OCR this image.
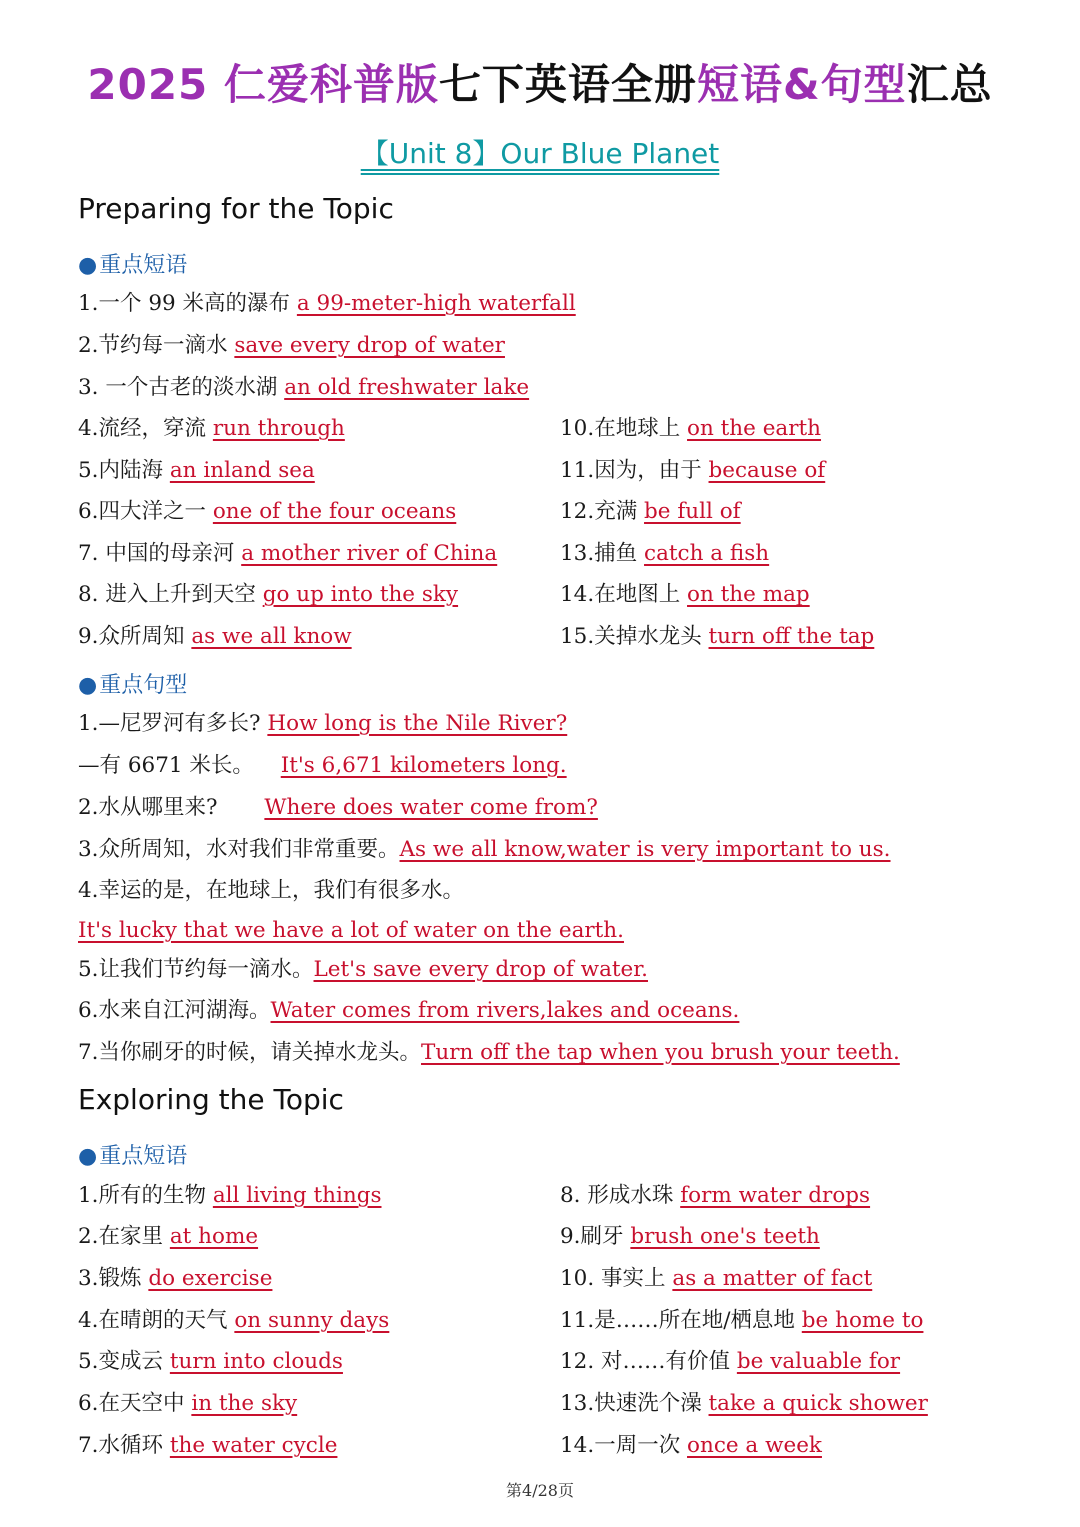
2025 仁爱科普版七下英语全册短语&句型汇总
【Unit 8】Our Blue Planet
Preparing for the Topic
●重点短语
1.一个 99 米高的瀑布 a 99-meter-high waterfall
2.节约每一滴水 save every drop of water
3. 一个古老的淡水湖 an old freshwater lake
4.流经，穿流 run through
5.内陆海 an inland sea
6.四大洋之一 one of the four oceans
7. 中国的母亲河 a mother river of China
8. 进入上升到天空 go up into the sky
9.众所周知 as we all know
10.在地球上 on the earth
11.因为，由于 because of
12.充满 be full of
13.捕鱼 catch a fish
14.在地图上 on the map
15.关掉水龙头 turn off the tap
●重点句型
1.—尼罗河有多长? How long is the Nile River?
—有 6671 米长。 It's 6,671 kilometers long.
2.水从哪里来? Where does water come from?
3.众所周知，水对我们非常重要。As we all know,water is very important to us.
4.幸运的是，在地球上，我们有很多水。
It's lucky that we have a lot of water on the earth.
5.让我们节约每一滴水。Let's save every drop of water.
6.水来自江河湖海。Water comes from rivers,lakes and oceans.
7.当你刷牙的时候，请关掉水龙头。Turn off the tap when you brush your teeth.
Exploring the Topic
●重点短语
1.所有的生物 all living things
2.在家里 at home
3.锻炼 do exercise
4.在晴朗的天气 on sunny days
5.变成云 turn into clouds
6.在天空中 in the sky
7.水循环 the water cycle
8. 形成水珠 form water drops
9.刷牙 brush one's teeth
10. 事实上 as a matter of fact
11.是……所在地/栖息地 be home to
12. 对……有价值 be valuable for
13.快速洗个澡 take a quick shower
14.一周一次 once a week
第4/28页
